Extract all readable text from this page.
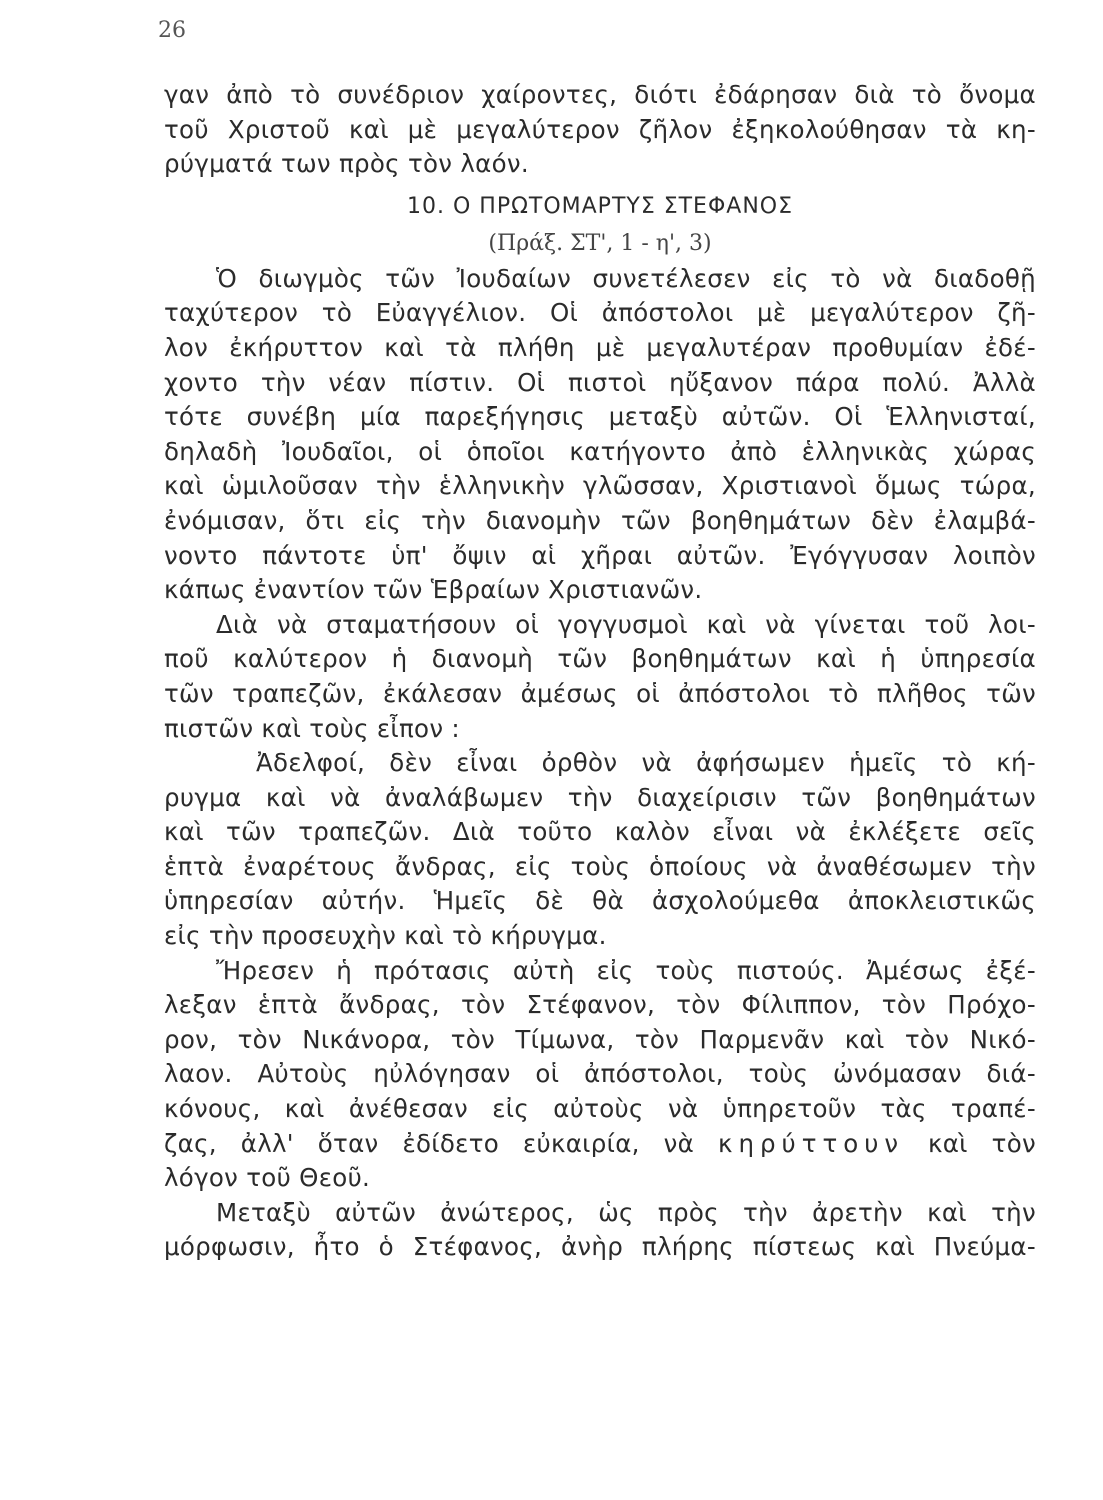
26
γαν ἀπὸ τὸ συνέδριον χαίροντες, διότι ἐδάρησαν διὰ τὸ ὄνομα
τοῦ Χριστοῦ καὶ μὲ μεγαλύτερον ζῆλον ἐξηκολούθησαν τὰ κη-
ρύγματά των πρὸς τὸν λαόν.
10. Ο ΠΡΩΤΟΜΑΡΤΥΣ ΣΤΕΦΑΝΟΣ
(Πράξ. ΣΤ', 1 - η', 3)
Ὁ διωγμὸς τῶν Ἰουδαίων συνετέλεσεν εἰς τὸ νὰ διαδοθῇ
ταχύτερον τὸ Εὐαγγέλιον. Οἱ ἀπόστολοι μὲ μεγαλύτερον ζῆ-
λον ἐκήρυττον καὶ τὰ πλήθη μὲ μεγαλυτέραν προθυμίαν ἐδέ-
χοντο τὴν νέαν πίστιν. Οἱ πιστοὶ ηὔξανον πάρα πολύ. Ἀλλὰ
τότε συνέβη μία παρεξήγησις μεταξὺ αὐτῶν. Οἱ Ἑλληνισταί,
δηλαδὴ Ἰουδαῖοι, οἱ ὁποῖοι κατήγοντο ἀπὸ ἑλληνικὰς χώρας
καὶ ὡμιλοῦσαν τὴν ἑλληνικὴν γλῶσσαν, Χριστιανοὶ ὅμως τώρα,
ἐνόμισαν, ὅτι εἰς τὴν διανομὴν τῶν βοηθημάτων δὲν ἐλαμβά-
νοντο πάντοτε ὑπ' ὄψιν αἱ χῆραι αὐτῶν. Ἐγόγγυσαν λοιπὸν
κάπως ἐναντίον τῶν Ἑβραίων Χριστιανῶν.
Διὰ νὰ σταματήσουν οἱ γογγυσμοὶ καὶ νὰ γίνεται τοῦ λοι-
ποῦ καλύτερον ἡ διανομὴ τῶν βοηθημάτων καὶ ἡ ὑπηρεσία
τῶν τραπεζῶν, ἐκάλεσαν ἀμέσως οἱ ἀπόστολοι τὸ πλῆθος τῶν
πιστῶν καὶ τοὺς εἶπον :
Ἀδελφοί, δὲν εἶναι ὀρθὸν νὰ ἀφήσωμεν ἡμεῖς τὸ κή-
ρυγμα καὶ νὰ ἀναλάβωμεν τὴν διαχείρισιν τῶν βοηθημάτων
καὶ τῶν τραπεζῶν. Διὰ τοῦτο καλὸν εἶναι νὰ ἐκλέξετε σεῖς
ἑπτὰ ἐναρέτους ἄνδρας, εἰς τοὺς ὁποίους νὰ ἀναθέσωμεν τὴν
ὑπηρεσίαν αὐτήν. Ἡμεῖς δὲ θὰ ἀσχολούμεθα ἀποκλειστικῶς
εἰς τὴν προσευχὴν καὶ τὸ κήρυγμα.
Ἤρεσεν ἡ πρότασις αὐτὴ εἰς τοὺς πιστούς. Ἀμέσως ἐξέ-
λεξαν ἑπτὰ ἄνδρας, τὸν Στέφανον, τὸν Φίλιππον, τὸν Πρόχο-
ρον, τὸν Νικάνορα, τὸν Τίμωνα, τὸν Παρμενᾶν καὶ τὸν Νικό-
λαον. Αὐτοὺς ηὐλόγησαν οἱ ἀπόστολοι, τοὺς ὠνόμασαν διά-
κόνους, καὶ ἀνέθεσαν εἰς αὐτοὺς νὰ ὑπηρετοῦν τὰς τραπέ-
ζας, ἀλλ' ὅταν ἐδίδετο εὐκαιρία, νὰ κηρύττουν καὶ τὸν
λόγον τοῦ Θεοῦ.
Μεταξὺ αὐτῶν ἀνώτερος, ὡς πρὸς τὴν ἀρετὴν καὶ τὴν
μόρφωσιν, ἦτο ὁ Στέφανος, ἀνὴρ πλήρης πίστεως καὶ Πνεύμα-
